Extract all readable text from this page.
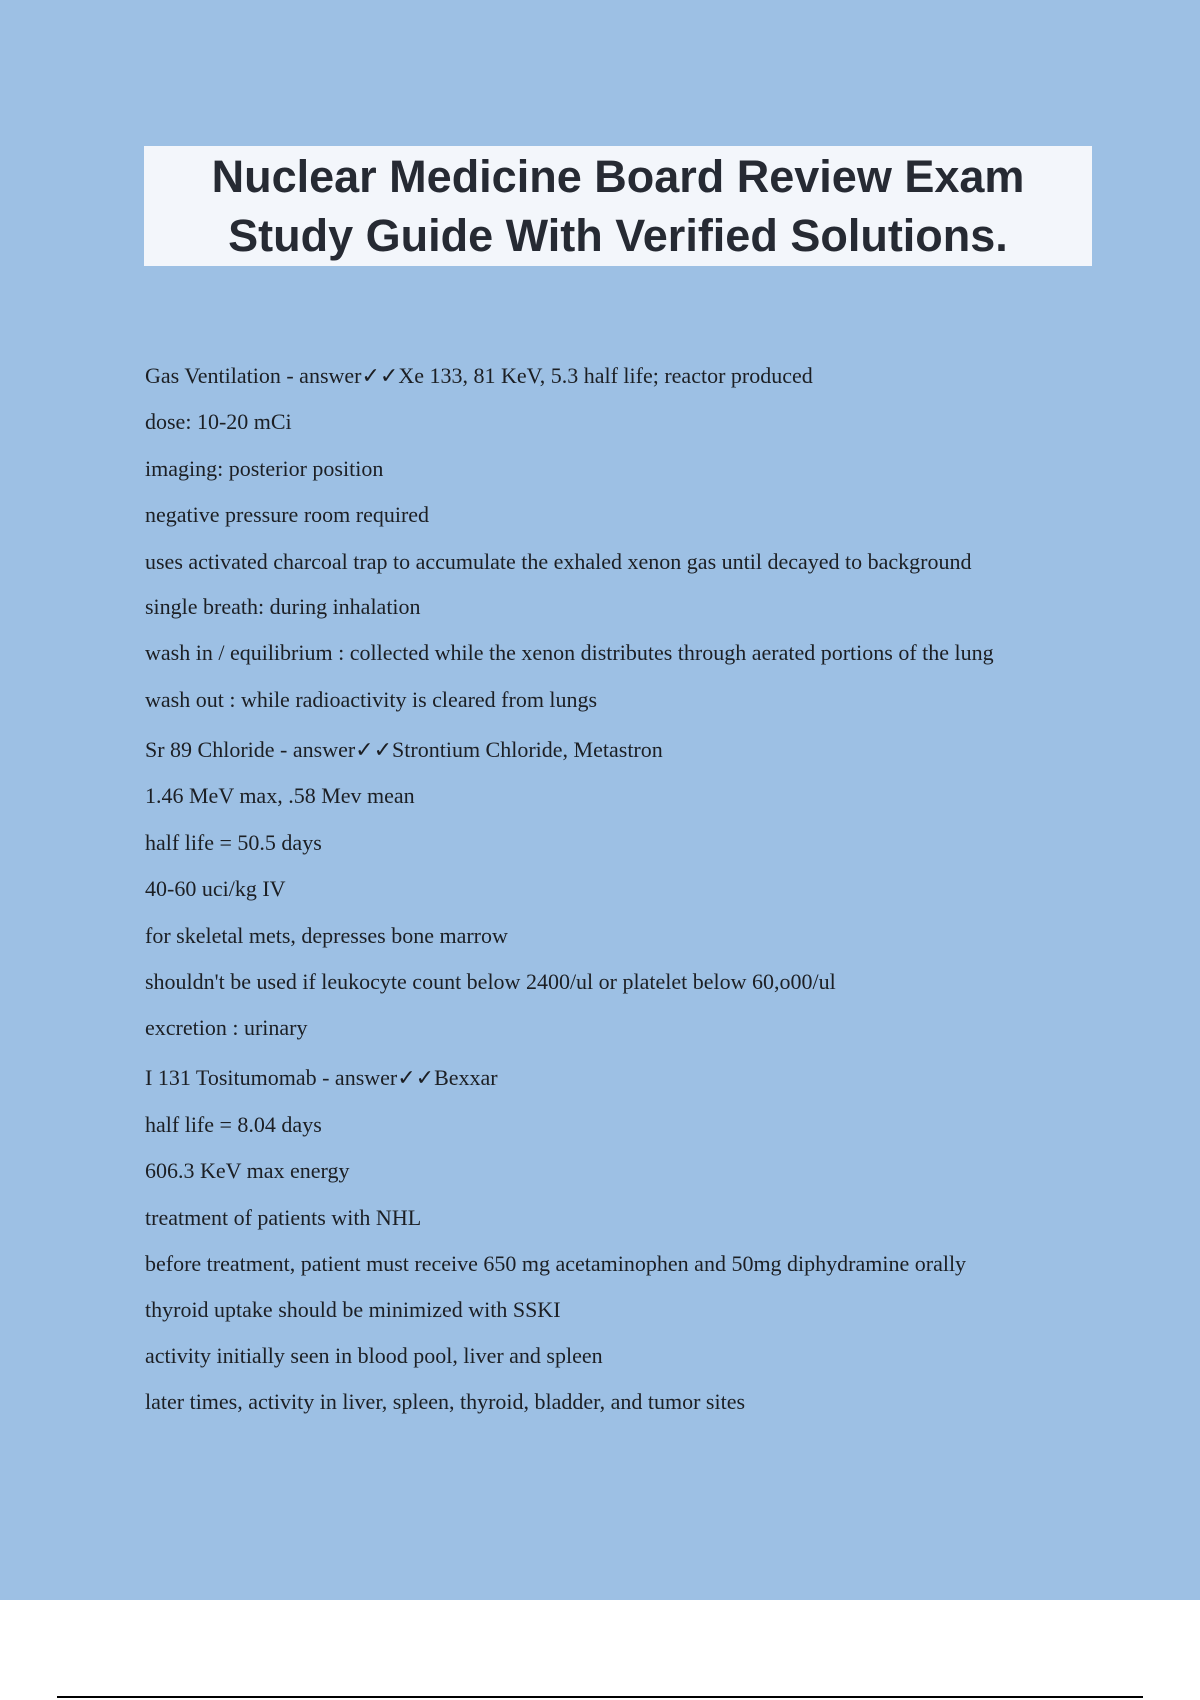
Nuclear Medicine Board Review Exam
Study Guide With Verified Solutions.
Gas Ventilation - answer✓✓Xe 133, 81 KeV, 5.3 half life; reactor produced
dose: 10-20 mCi
imaging: posterior position
negative pressure room required
uses activated charcoal trap to accumulate the exhaled xenon gas until decayed to background
single breath: during inhalation
wash in / equilibrium : collected while the xenon distributes through aerated portions of the lung
wash out : while radioactivity is cleared from lungs
Sr 89 Chloride - answer✓✓Strontium Chloride, Metastron
1.46 MeV max, .58 Mev mean
half life = 50.5 days
40-60 uci/kg IV
for skeletal mets, depresses bone marrow
shouldn't be used if leukocyte count below 2400/ul or platelet below 60,o00/ul
excretion : urinary
I 131 Tositumomab - answer✓✓Bexxar
half life = 8.04 days
606.3 KeV max energy
treatment of patients with NHL
before treatment, patient must receive 650 mg acetaminophen and 50mg diphydramine orally
thyroid uptake should be minimized with SSKI
activity initially seen in blood pool, liver and spleen
later times, activity in liver, spleen, thyroid, bladder, and tumor sites
